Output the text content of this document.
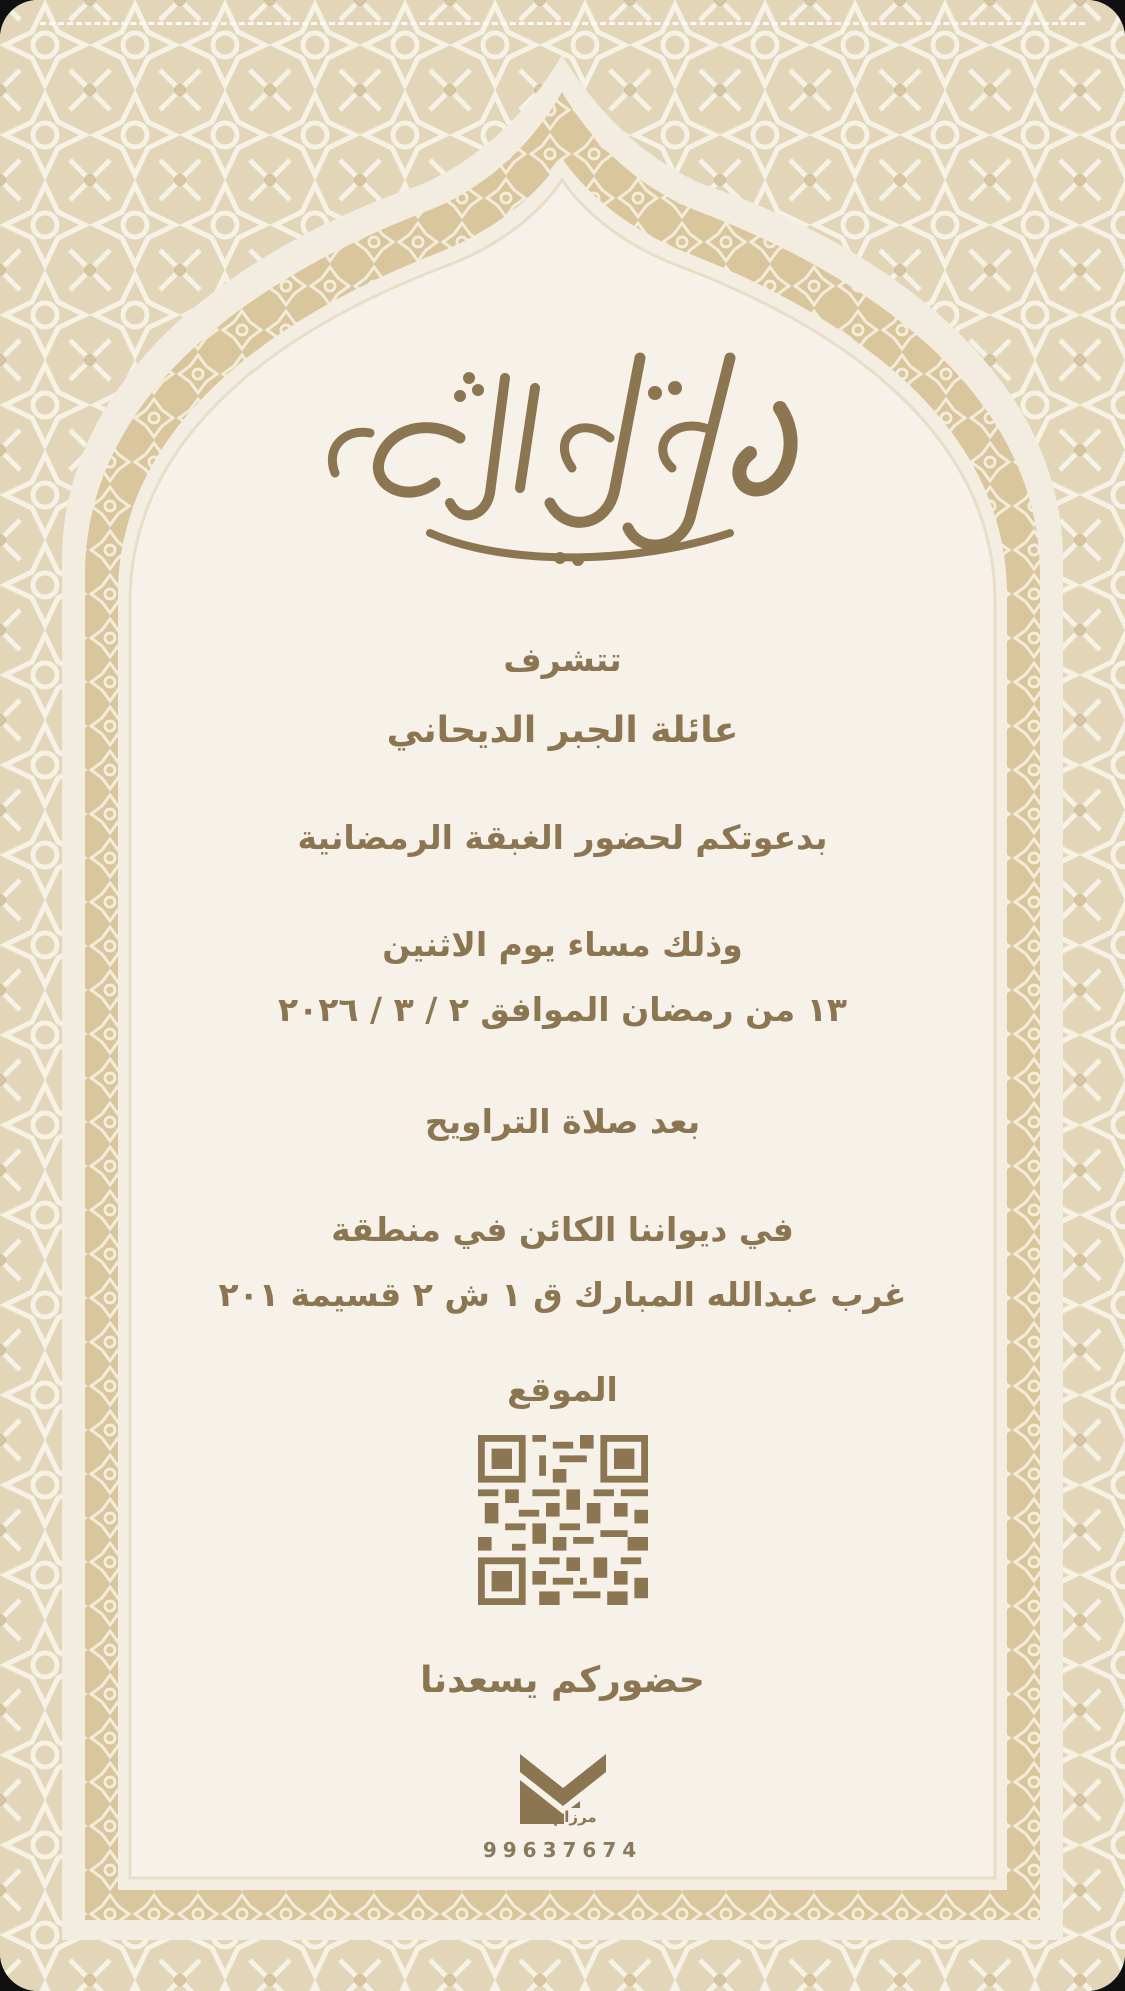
تتشرف
عائلة الجبر الديحاني
بدعوتكم لحضور الغبقة الرمضانية
وذلك مساء يوم الاثنين
١٣ من رمضان الموافق ٢ / ٣ / ٢٠٢٦
بعد صلاة التراويح
في ديواننا الكائن في منطقة
غرب عبدالله المبارك ق ١ ش ٢ قسيمة ٢٠١
الموقع
حضوركم يسعدنا
مرزام
99637674
